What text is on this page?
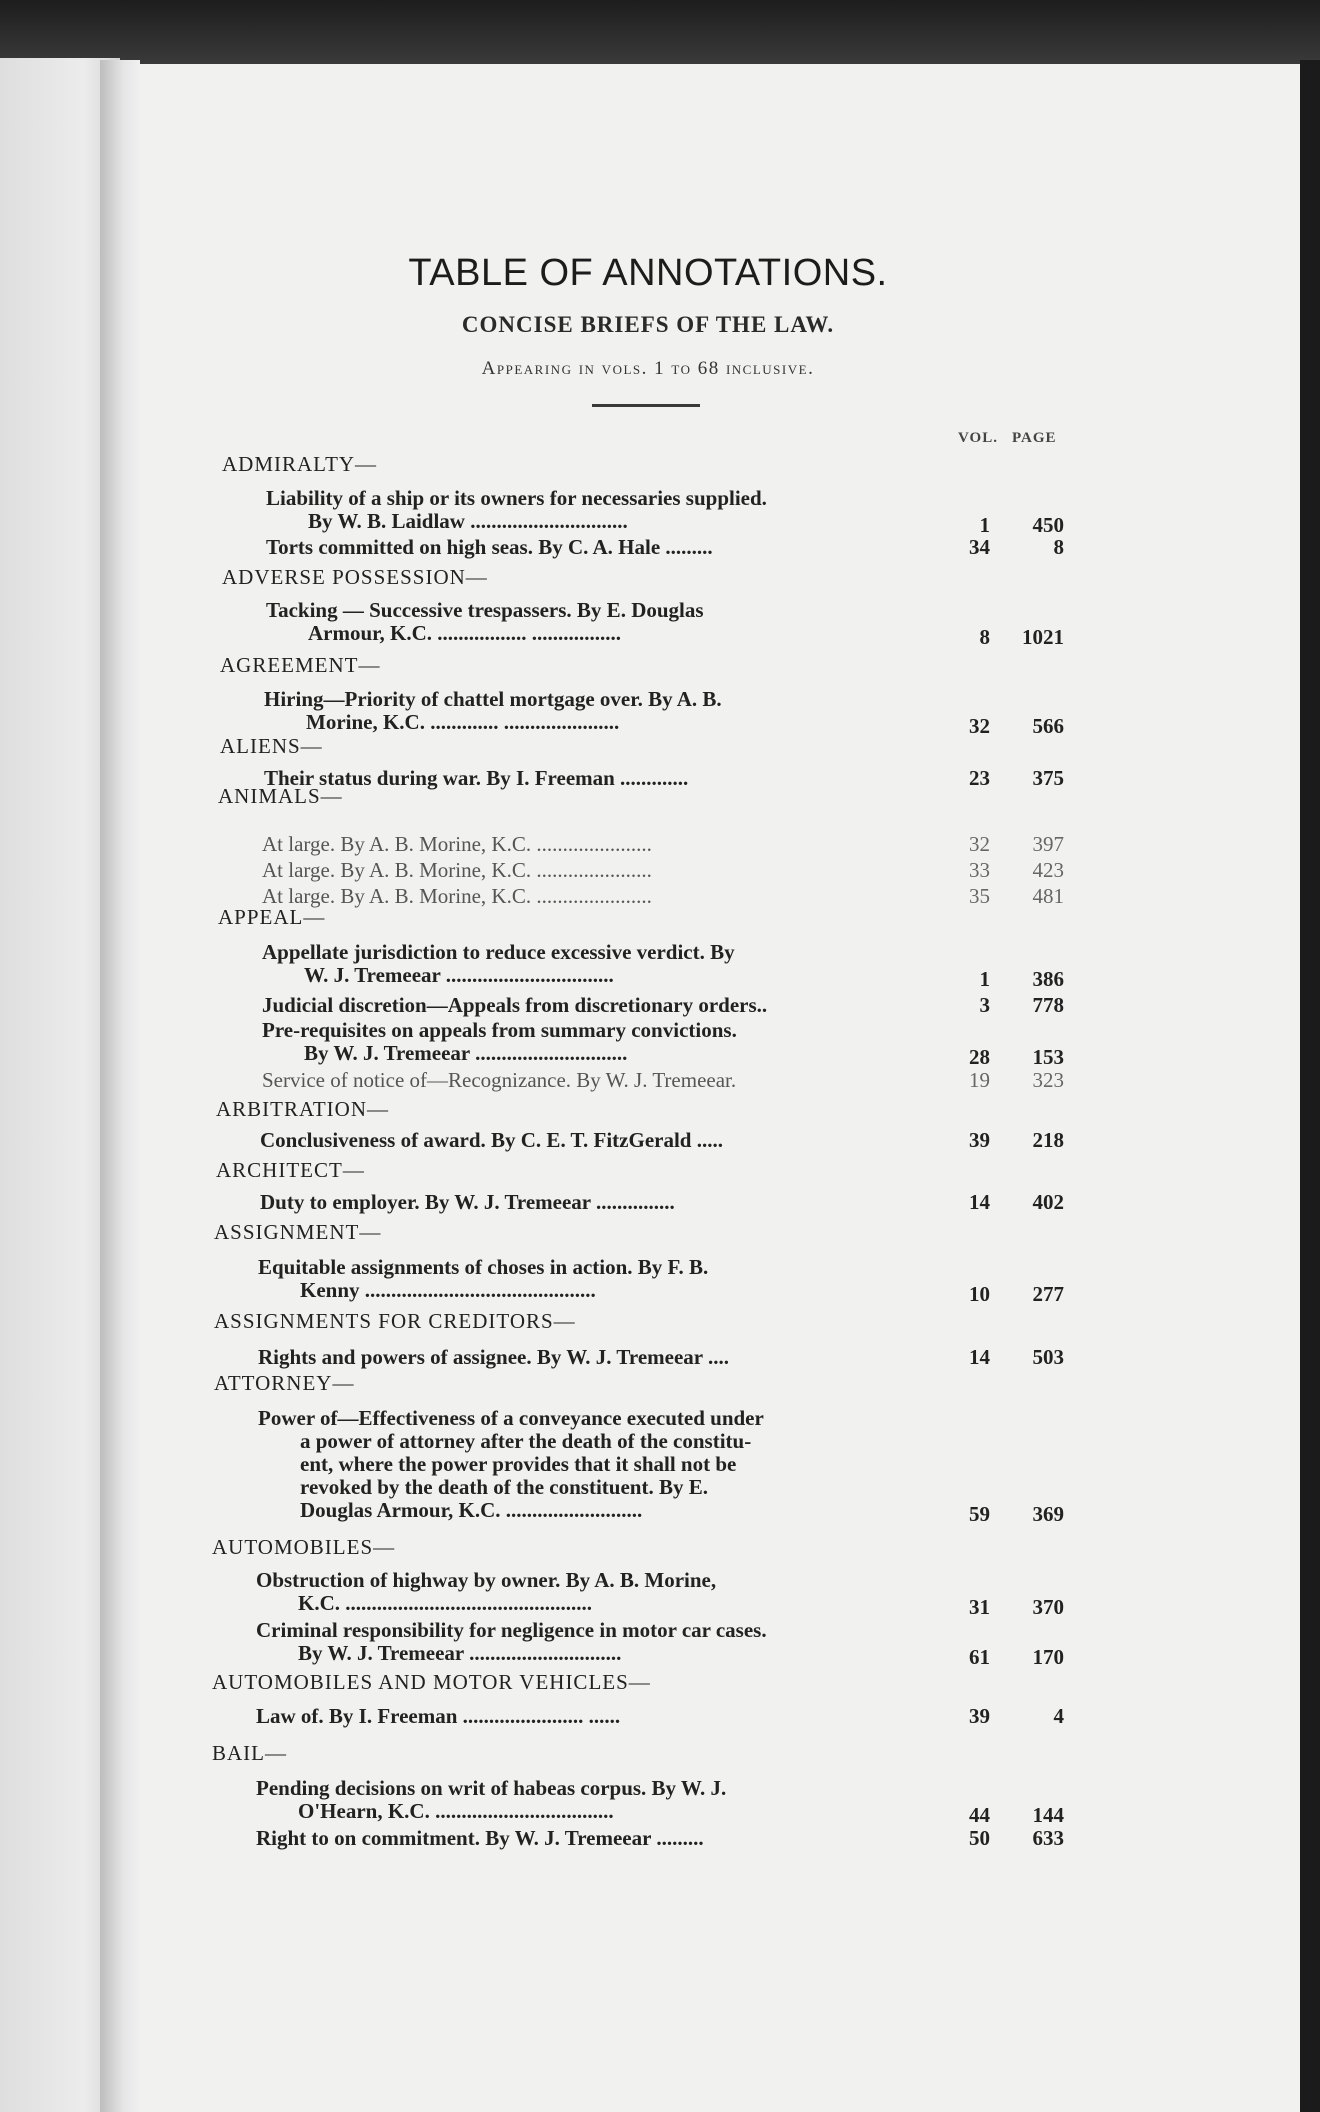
TABLE OF ANNOTATIONS.
CONCISE BRIEFS OF THE LAW.
Appearing in vols. 1 to 68 inclusive.
VOL. PAGE
ADMIRALTY—
Liability of a ship or its owners for necessaries supplied.
By W. B. Laidlaw ..............................	1 450
Torts committed on high seas. By C. A. Hale .........	34	8
ADVERSE POSSESSION—
Tacking — Successive trespassers. By E. Douglas
Armour, K.C. ................. .................	8 1021
AGREEMENT—
Hiring—Priority of chattel mortgage over. By A. B.
Morine, K.C. ............. ......................	32 566
ALIENS—
Their status during war. By I. Freeman .............	23 375
ANIMALS—
At large. By A. B. Morine, K.C. ......................	32 397
At large. By A. B. Morine, K.C. ......................	33 423
At large. By A. B. Morine, K.C. ......................	35 481
APPEAL—
Appellate jurisdiction to reduce excessive verdict. By
W. J. Tremeear ................................	1 386
Judicial discretion—Appeals from discretionary orders..	3 778
Pre-requisites on appeals from summary convictions.
By W. J. Tremeear .............................	28 153
Service of notice of—Recognizance. By W. J. Tremeear.	19 323
ARBITRATION—
Conclusiveness of award. By C. E. T. FitzGerald .....	39 218
ARCHITECT—
Duty to employer. By W. J. Tremeear ...............	14 402
ASSIGNMENT—
Equitable assignments of choses in action. By F. B.
Kenny ............................................	10 277
ASSIGNMENTS FOR CREDITORS—
Rights and powers of assignee. By W. J. Tremeear ....	14 503
ATTORNEY—
Power of—Effectiveness of a conveyance executed under
a power of attorney after the death of the constitu-
ent, where the power provides that it shall not be
revoked by the death of the constituent. By E.
Douglas Armour, K.C. ..........................	59 369
AUTOMOBILES—
Obstruction of highway by owner. By A. B. Morine,
K.C. ...............................................	31 370
Criminal responsibility for negligence in motor car cases.
By W. J. Tremeear .............................	61 170
AUTOMOBILES AND MOTOR VEHICLES—
Law of. By I. Freeman ....................... ......	39	4
BAIL—
Pending decisions on writ of habeas corpus. By W. J.
O'Hearn, K.C. ..................................	44 144
Right to on commitment. By W. J. Tremeear .........	50 633
